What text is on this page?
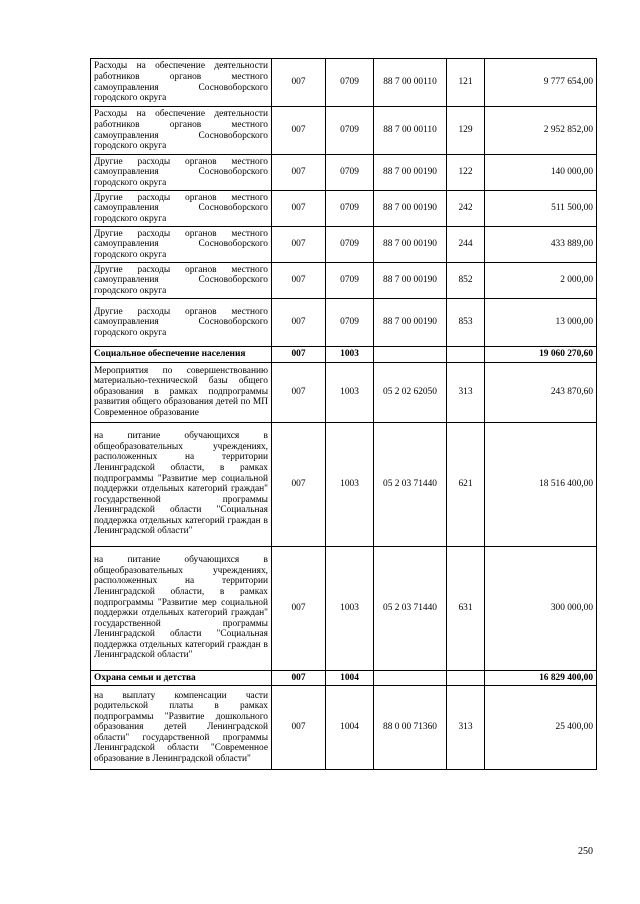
Расходы на обеспечение деятельности работников органов местного самоуправления Сосновоборского городского округа	007	0709	88 7 00 00110	121	9 777 654,00
Расходы на обеспечение деятельности работников органов местного самоуправления Сосновоборского городского округа	007	0709	88 7 00 00110	129	2 952 852,00
Другие расходы органов местного самоуправления Сосновоборского городского округа	007	0709	88 7 00 00190	122	140 000,00
Другие расходы органов местного самоуправления Сосновоборского городского округа	007	0709	88 7 00 00190	242	511 500,00
Другие расходы органов местного самоуправления Сосновоборского городского округа	007	0709	88 7 00 00190	244	433 889,00
Другие расходы органов местного самоуправления Сосновоборского городского округа	007	0709	88 7 00 00190	852	2 000,00
Другие расходы органов местного самоуправления Сосновоборского городского округа	007	0709	88 7 00 00190	853	13 000,00
Социальное обеспечение населения	007	1003			19 060 270,60
Мероприятия по совершенствованию материально-технической базы общего образования в рамках подпрограммы развития общего образования детей по МП Современное образование	007	1003	05 2 02 62050	313	243 870,60
на питание обучающихся в общеобразовательных учреждениях, расположенных на территории Ленинградской области, в рамках подпрограммы "Развитие мер социальной поддержки отдельных категорий граждан" государственной программы Ленинградской области "Социальная поддержка отдельных категорий граждан в Ленинградской области"	007	1003	05 2 03 71440	621	18 516 400,00
на питание обучающихся в общеобразовательных учреждениях, расположенных на территории Ленинградской области, в рамках подпрограммы "Развитие мер социальной поддержки отдельных категорий граждан" государственной программы Ленинградской области "Социальная поддержка отдельных категорий граждан в Ленинградской области"	007	1003	05 2 03 71440	631	300 000,00
Охрана семьи и детства	007	1004			16 829 400,00
на выплату компенсации части родительской платы в рамках подпрограммы "Развитие дошкольного образования детей Ленинградской области" государственной программы Ленинградской области "Современное образование в Ленинградской области"	007	1004	88 0 00 71360	313	25 400,00
250
